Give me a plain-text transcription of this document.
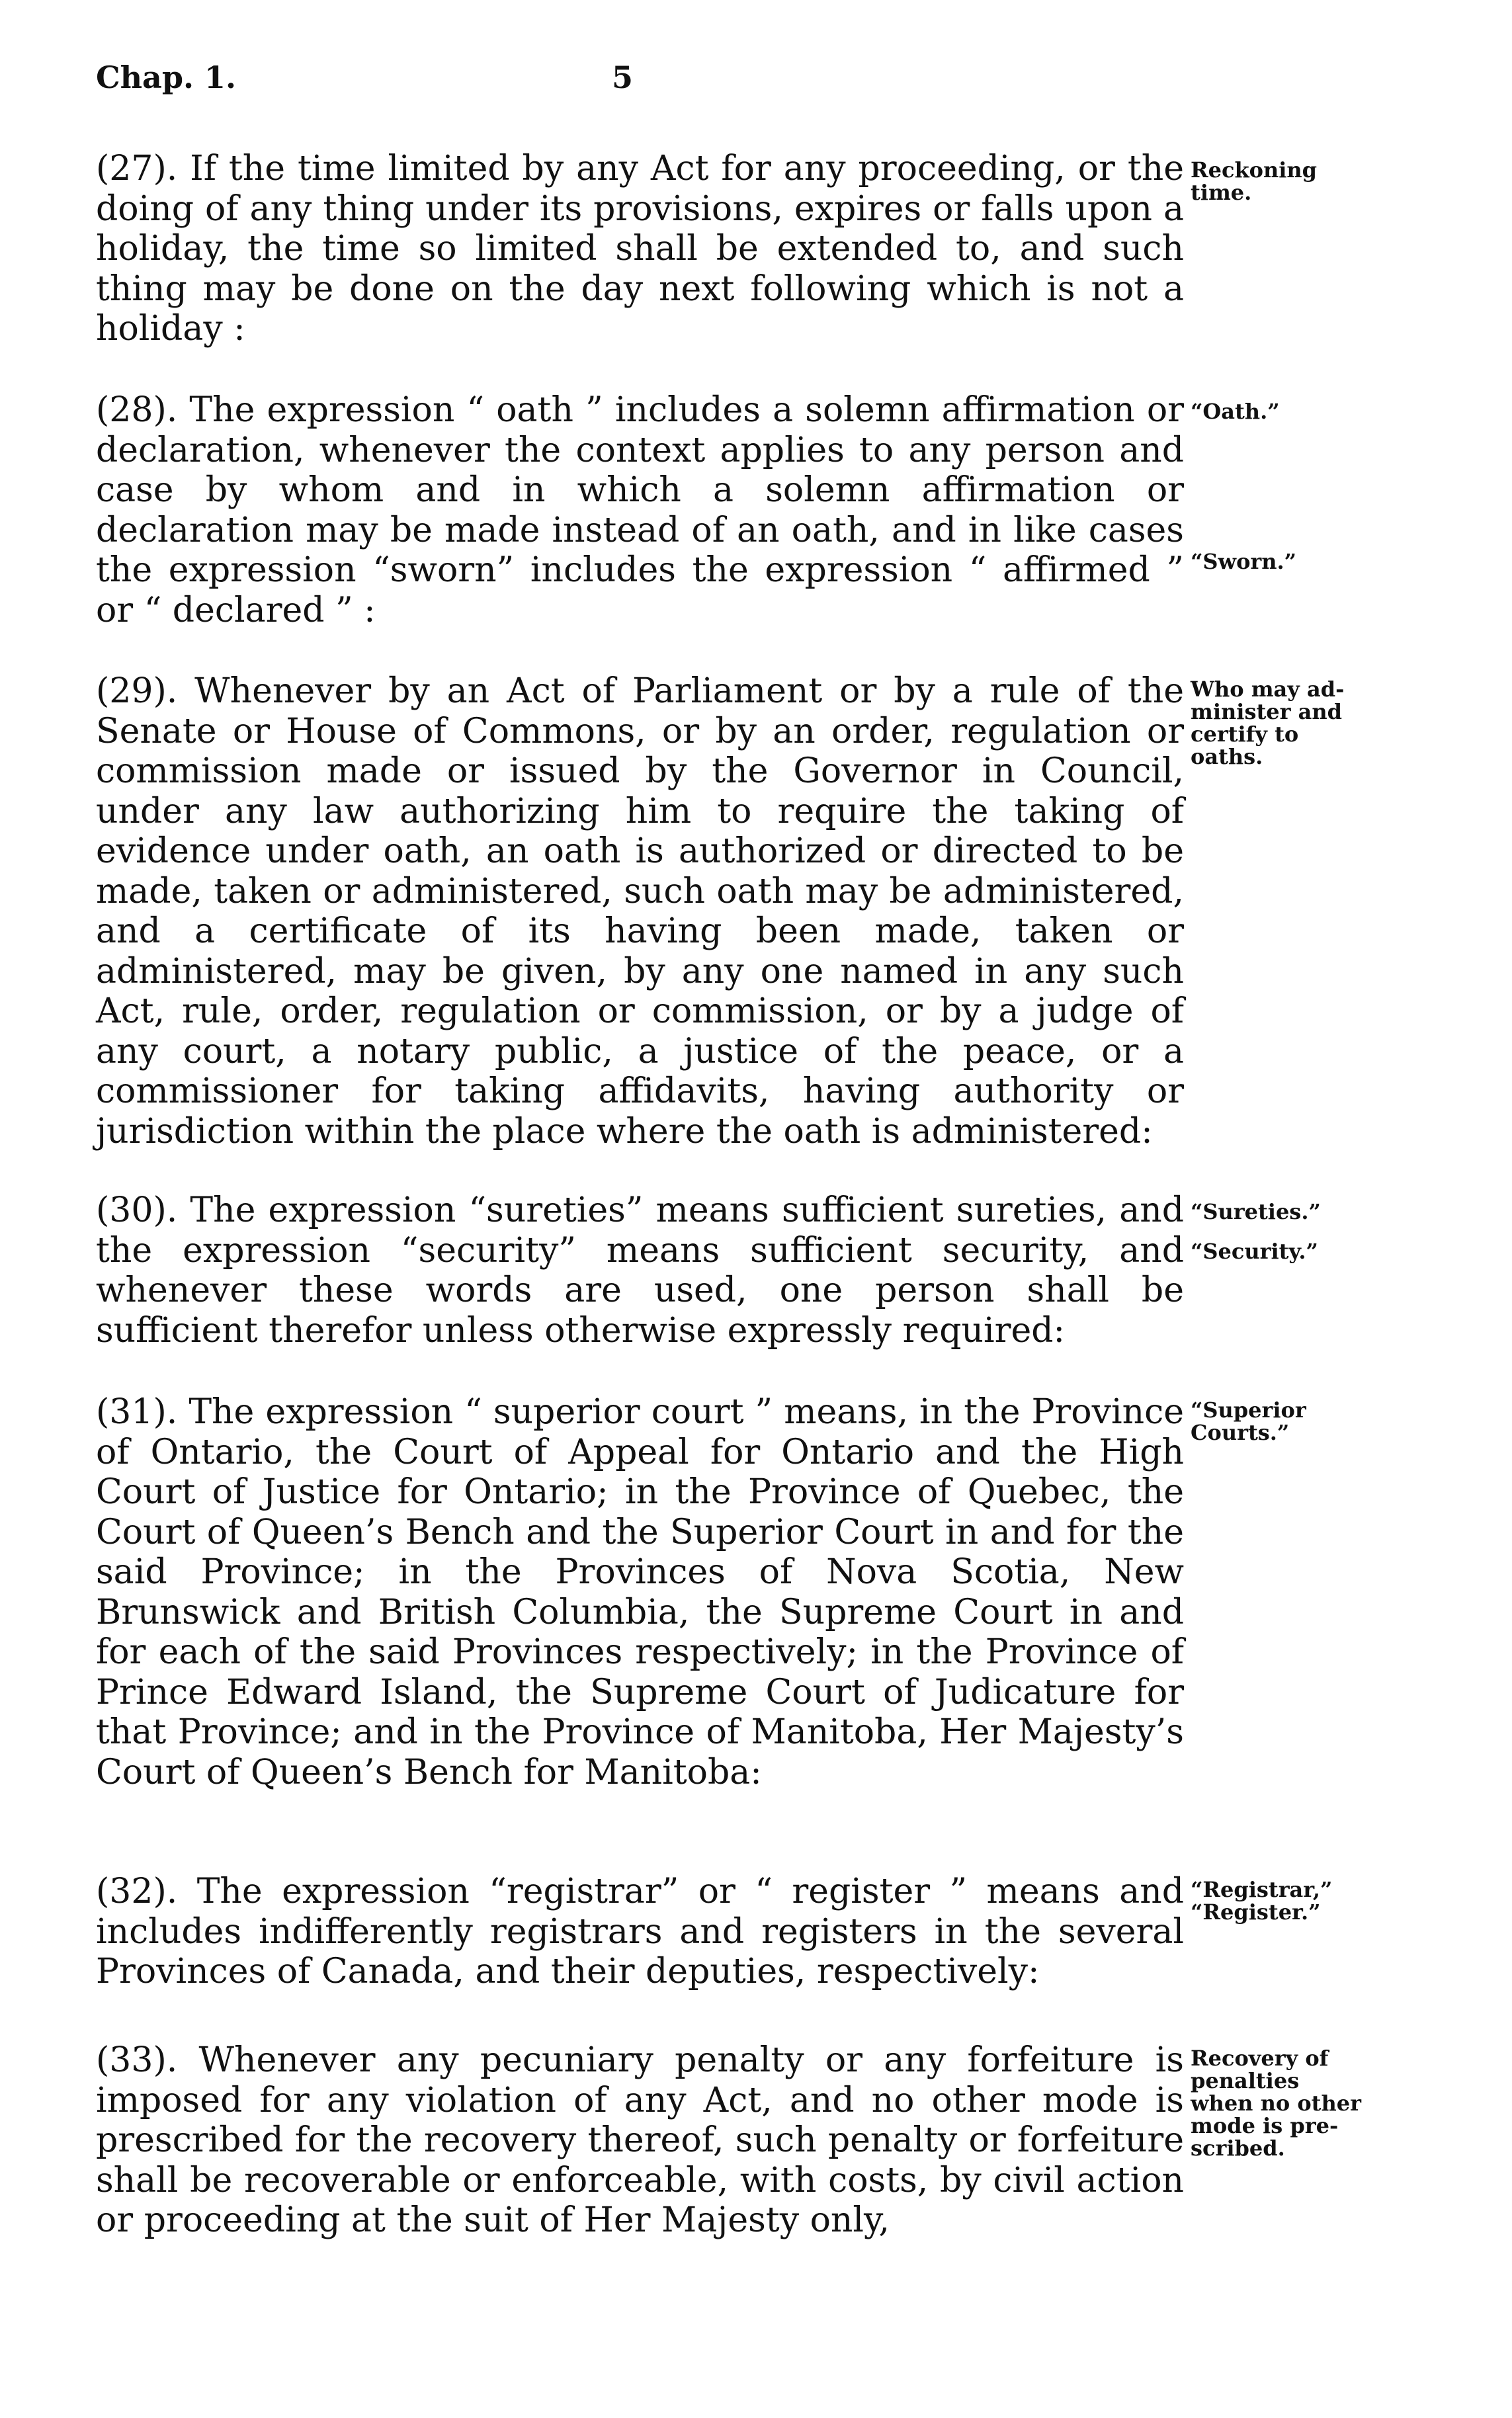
Chap. 1.	5
(27). If the time limited by any Act for any proceeding, or the doing of any thing under its provisions, expires or falls upon a holiday, the time so limited shall be extended to, and such thing may be done on the day next following which is not a holiday :
Reckoning
time.
(28). The expression “ oath ” includes a solemn affirmation or declaration, whenever the context applies to any person and case by whom and in which a solemn affirmation or declaration may be made instead of an oath, and in like cases the expression “sworn” includes the expression “ affirmed ” or “ declared ” :
“Oath.”
“Sworn.”
(29). Whenever by an Act of Parliament or by a rule of the Senate or House of Commons, or by an order, regulation or commission made or issued by the Governor in Council, under any law authorizing him to require the taking of evidence under oath, an oath is authorized or directed to be made, taken or administered, such oath may be administered, and a certificate of its having been made, taken or administered, may be given, by any one named in any such Act, rule, order, regulation or commission, or by a judge of any court, a notary public, a justice of the peace, or a commissioner for taking affidavits, having authority or jurisdiction within the place where the oath is administered:
Who may ad-
minister and
certify to
oaths.
(30). The expression “sureties” means sufficient sureties, and the expression “security” means sufficient security, and whenever these words are used, one person shall be sufficient therefor unless otherwise expressly required:
“Sureties.”
“Security.”
(31). The expression “ superior court ” means, in the Province of Ontario, the Court of Appeal for Ontario and the High Court of Justice for Ontario; in the Province of Quebec, the Court of Queen’s Bench and the Superior Court in and for the said Province; in the Provinces of Nova Scotia, New Brunswick and British Columbia, the Supreme Court in and for each of the said Provinces respectively; in the Province of Prince Edward Island, the Supreme Court of Judicature for that Province; and in the Province of Manitoba, Her Majesty’s Court of Queen’s Bench for Manitoba:
“Superior
Courts.”
(32). The expression “registrar” or “ register ” means and includes indifferently registrars and registers in the several Provinces of Canada, and their deputies, respectively:
“Registrar,”
“Register.”
(33). Whenever any pecuniary penalty or any forfeiture is imposed for any violation of any Act, and no other mode is prescribed for the recovery thereof, such penalty or forfeiture shall be recoverable or enforceable, with costs, by civil action or proceeding at the suit of Her Majesty only,
Recovery of
penalties
when no other
mode is pre-
scribed.
